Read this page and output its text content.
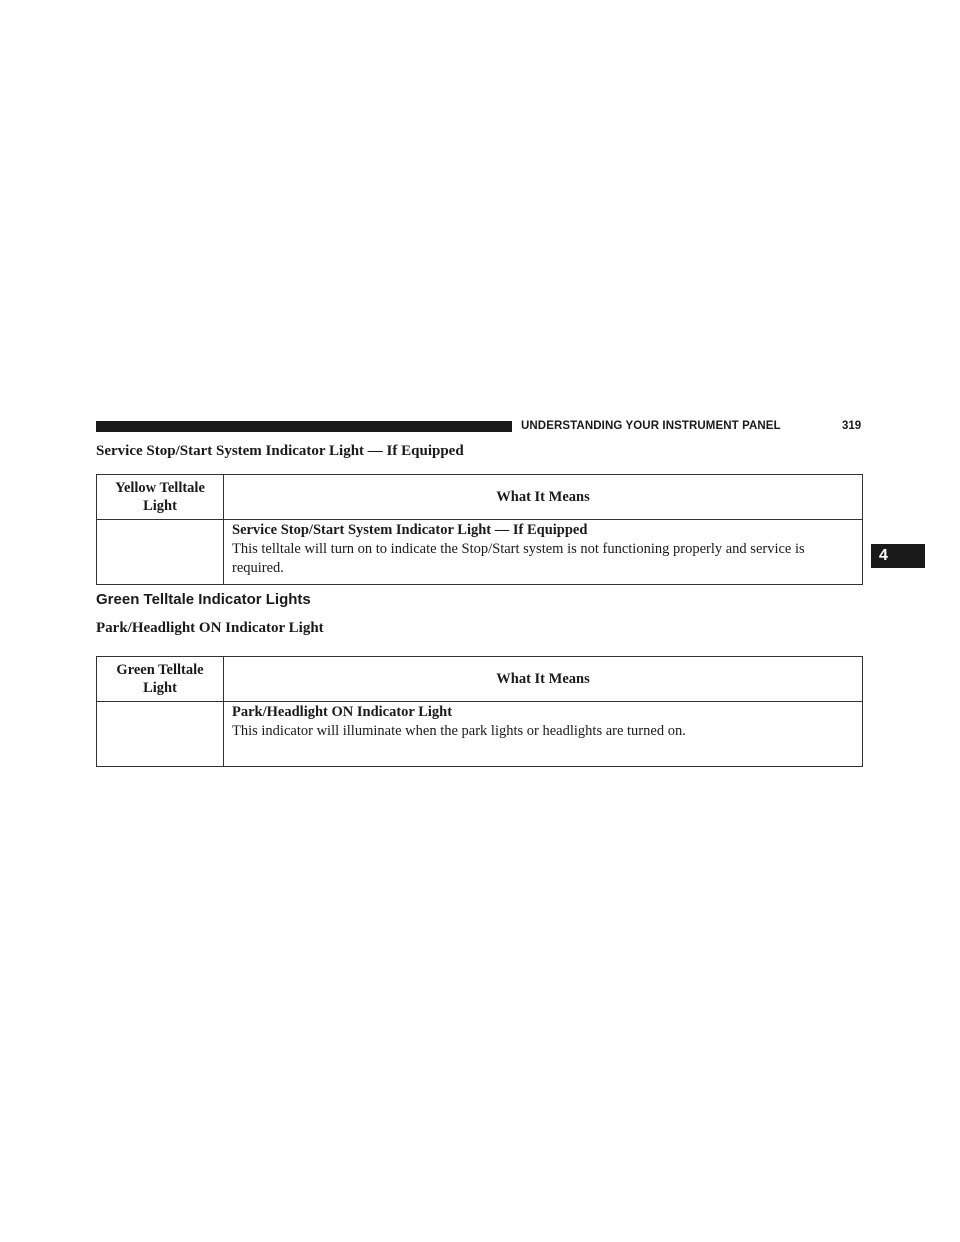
UNDERSTANDING YOUR INSTRUMENT PANEL	319
4
Service Stop/Start System Indicator Light — If Equipped
Yellow Telltale Light	What It Means

	Service Stop/Start System Indicator Light — If Equipped
This telltale will turn on to indicate the Stop/Start system is not functioning properly and service is required.
Green Telltale Indicator Lights
Park/Headlight ON Indicator Light
Green Telltale Light	What It Means

	Park/Headlight ON Indicator Light
This indicator will illuminate when the park lights or headlights are turned on.
